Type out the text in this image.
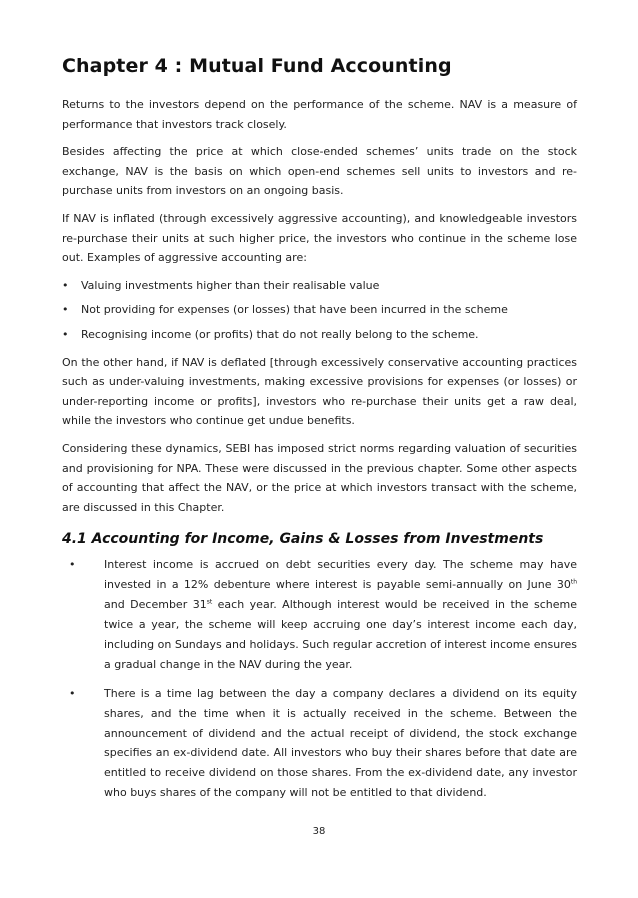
Chapter 4 : Mutual Fund Accounting

Returns to the investors depend on the performance of the scheme. NAV is a measure of performance that investors track closely.

Besides affecting the price at which close-ended schemes’ units trade on the stock exchange, NAV is the basis on which open-end schemes sell units to investors and re-purchase units from investors on an ongoing basis.

If NAV is inflated (through excessively aggressive accounting), and knowledgeable investors re-purchase their units at such higher price, the investors who continue in the scheme lose out. Examples of aggressive accounting are:

• Valuing investments higher than their realisable value
• Not providing for expenses (or losses) that have been incurred in the scheme
• Recognising income (or profits) that do not really belong to the scheme.

On the other hand, if NAV is deflated [through excessively conservative accounting practices such as under-valuing investments, making excessive provisions for expenses (or losses) or under-reporting income or profits], investors who re-purchase their units get a raw deal, while the investors who continue get undue benefits.

Considering these dynamics, SEBI has imposed strict norms regarding valuation of securities and provisioning for NPA. These were discussed in the previous chapter. Some other aspects of accounting that affect the NAV, or the price at which investors transact with the scheme, are discussed in this Chapter.

4.1 Accounting for Income, Gains & Losses from Investments
•	Interest income is accrued on debt securities every day. The scheme may have invested in a 12% debenture where interest is payable semi-annually on June 30th and December 31st each year. Although interest would be received in the scheme twice a year, the scheme will keep accruing one day’s interest income each day, including on Sundays and holidays. Such regular accretion of interest income ensures a gradual change in the NAV during the year.
•	There is a time lag between the day a company declares a dividend on its equity shares, and the time when it is actually received in the scheme. Between the announcement of dividend and the actual receipt of dividend, the stock exchange specifies an ex-dividend date. All investors who buy their shares before that date are entitled to receive dividend on those shares. From the ex-dividend date, any investor who buys shares of the company will not be entitled to that dividend.
38
